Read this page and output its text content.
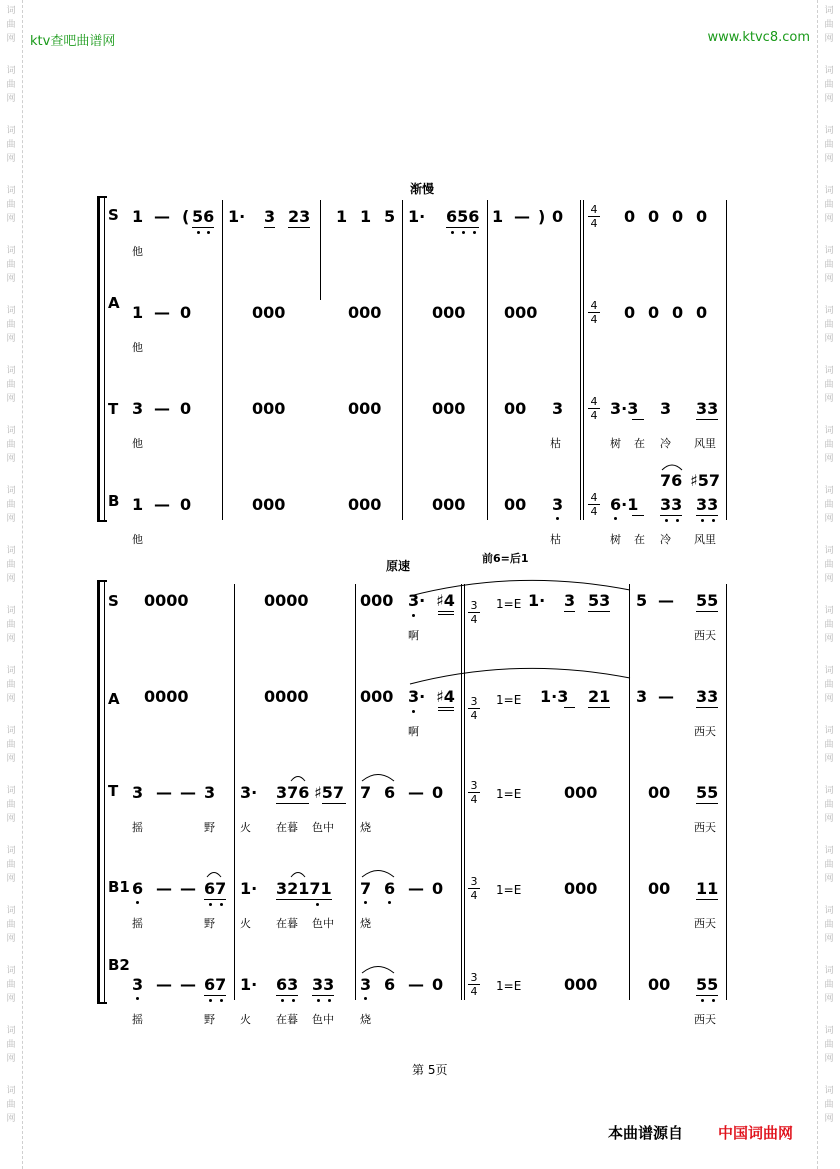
词
曲
网
词
曲
网
词
曲
网
词
曲
网
词
曲
网
词
曲
网
词
曲
网
词
曲
网
词
曲
网
词
曲
网
词
曲
网
词
曲
网
词
曲
网
词
曲
网
词
曲
网
词
曲
网
词
曲
网
词
曲
网
词
曲
网
词
曲
网
词
曲
网
词
曲
网
词
曲
网
词
曲
网
词
曲
网
词
曲
网
词
曲
网
词
曲
网
词
曲
网
词
曲
网
词
曲
网
词
曲
网
词
曲
网
词
曲
网
词
曲
网
词
曲
网
词
曲
网
词
曲
网
ktv查吧曲谱网	www.ktvc8.com
渐慢
S 1 — ( 56 1· 3 23 1 1 5 1· 656 1 — ) 0 4
4 0 0 0 0
他
A 1 — 0	000	000	000 000	4
4 0 0 0 0
他
T 3 — 0	000	000	000 00 3 4
4 3·3 3 33
他	枯	树 在 冷 风里
B 1 — 0	000	000	000 00 3 4
4 6·1 33 33
76 ♯57
他	枯	树 在 冷 风里
原速
前6=后1
S 0000	0000	000 3· ♯4 3
4
1=E 1· 3 53 5 — 55
啊	西天
A 0000	0000	000 3· ♯4 3
4
1=E 1·3 21 3 — 33
啊	西天
T 3 — — 3 3· 376 ♯57 7 6 — 0 3
4 1=E	000	00 55
摇	野 火 在暮 色中 烧	西天
B1 6 — — 67 1· 32171 7 6 — 0 3
4 1=E	000	00 11
摇	野 火 在暮 色中 烧	西天
B2
3 — — 67 1· 63 33 3 6 — 0 3
4 1=E	000	00 55
摇	野 火 在暮 色中 烧	西天
第 5页
本曲谱源自 中国词曲网
